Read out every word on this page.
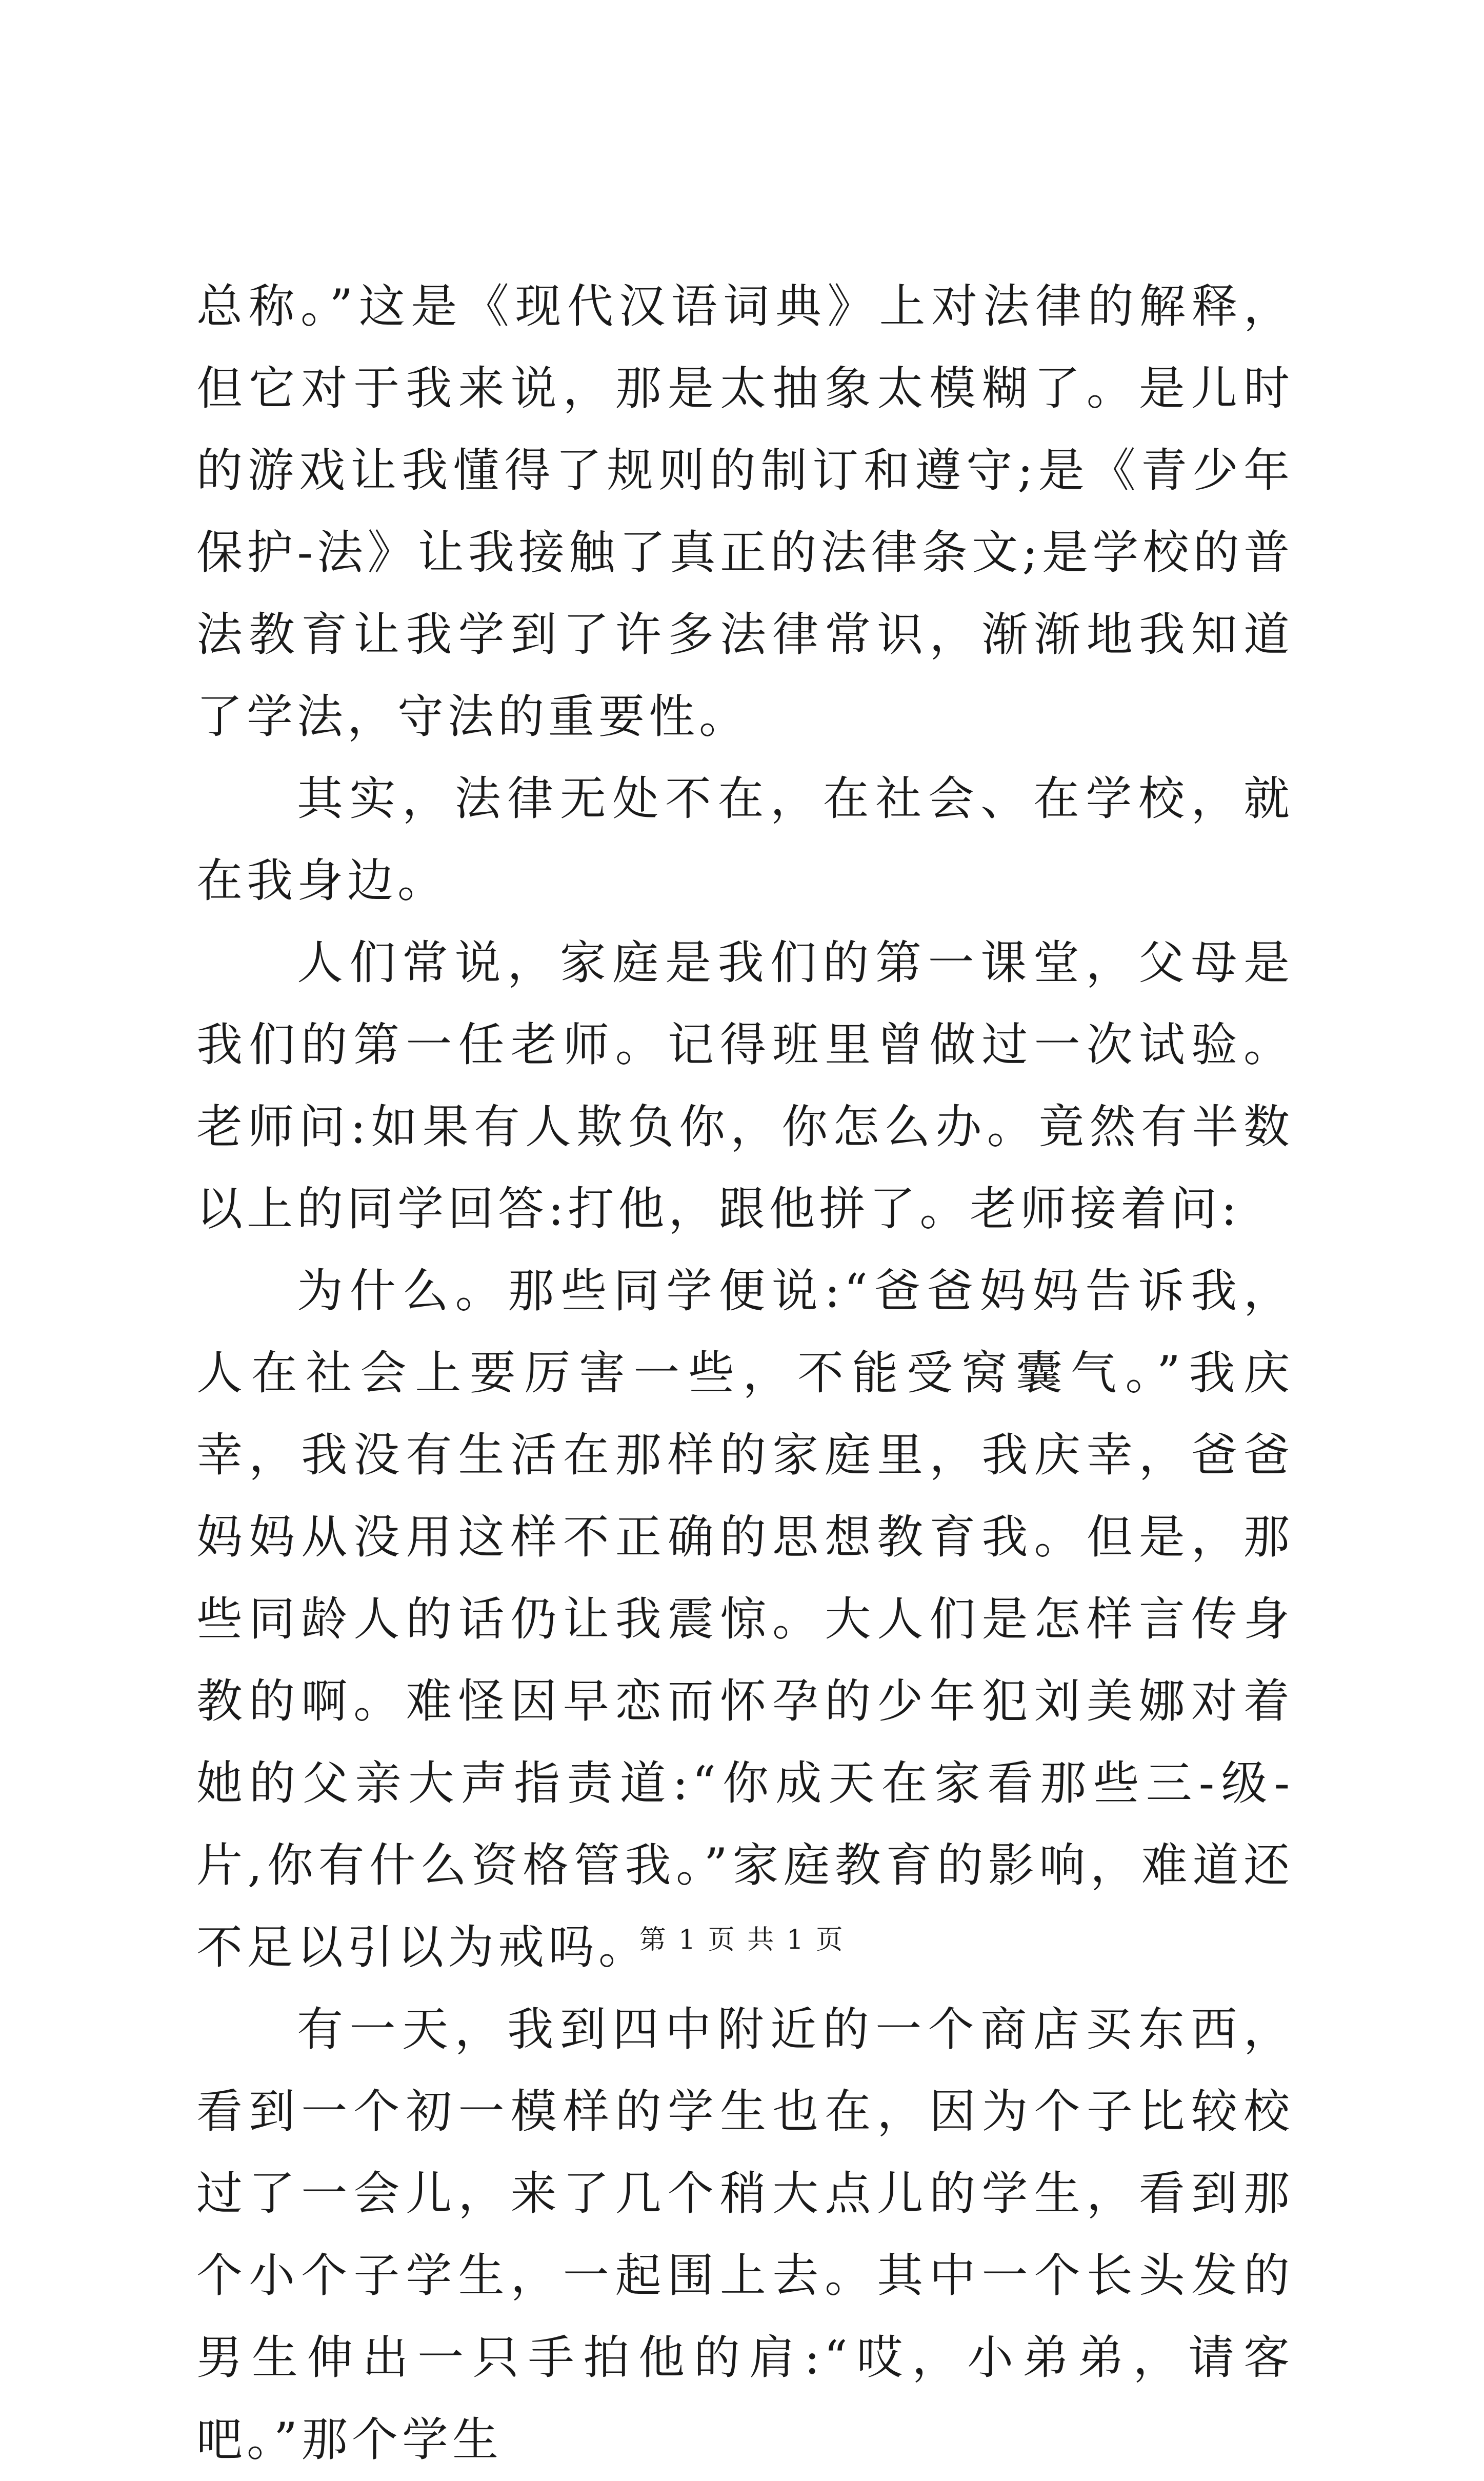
总称。”这是《现代汉语词典》上对法律的解释，但它对于我来说，那是太抽象太模糊了。是儿时的游戏让我懂得了规则的制订和遵守;是《青少年保护-法》让我接触了真正的法律条文;是学校的普法教育让我学到了许多法律常识，渐渐地我知道了学法，守法的重要性。

其实，法律无处不在，在社会、在学校，就在我身边。

人们常说，家庭是我们的第一课堂，父母是我们的第一任老师。记得班里曾做过一次试验。老师问:如果有人欺负你，你怎么办。竟然有半数以上的同学回答:打他，跟他拼了。老师接着问:

为什么。那些同学便说:“爸爸妈妈告诉我，人在社会上要厉害一些，不能受窝囊气。”我庆幸，我没有生活在那样的家庭里，我庆幸，爸爸妈妈从没用这样不正确的思想教育我。但是，那些同龄人的话仍让我震惊。大人们是怎样言传身教的啊。难怪因早恋而怀孕的少年犯刘美娜对着她的父亲大声指责道:“你成天在家看那些三-级-片,你有什么资格管我。”家庭教育的影响，难道还不足以引以为戒吗。

有一天，我到四中附近的一个商店买东西，看到一个初一模样的学生也在，因为个子比较校过了一会儿，来了几个稍大点儿的学生，看到那个小个子学生，一起围上去。其中一个长头发的男生伸出一只手拍他的肩:“哎，小弟弟，请客吧。”那个学生

第 1 页 共 1 页
